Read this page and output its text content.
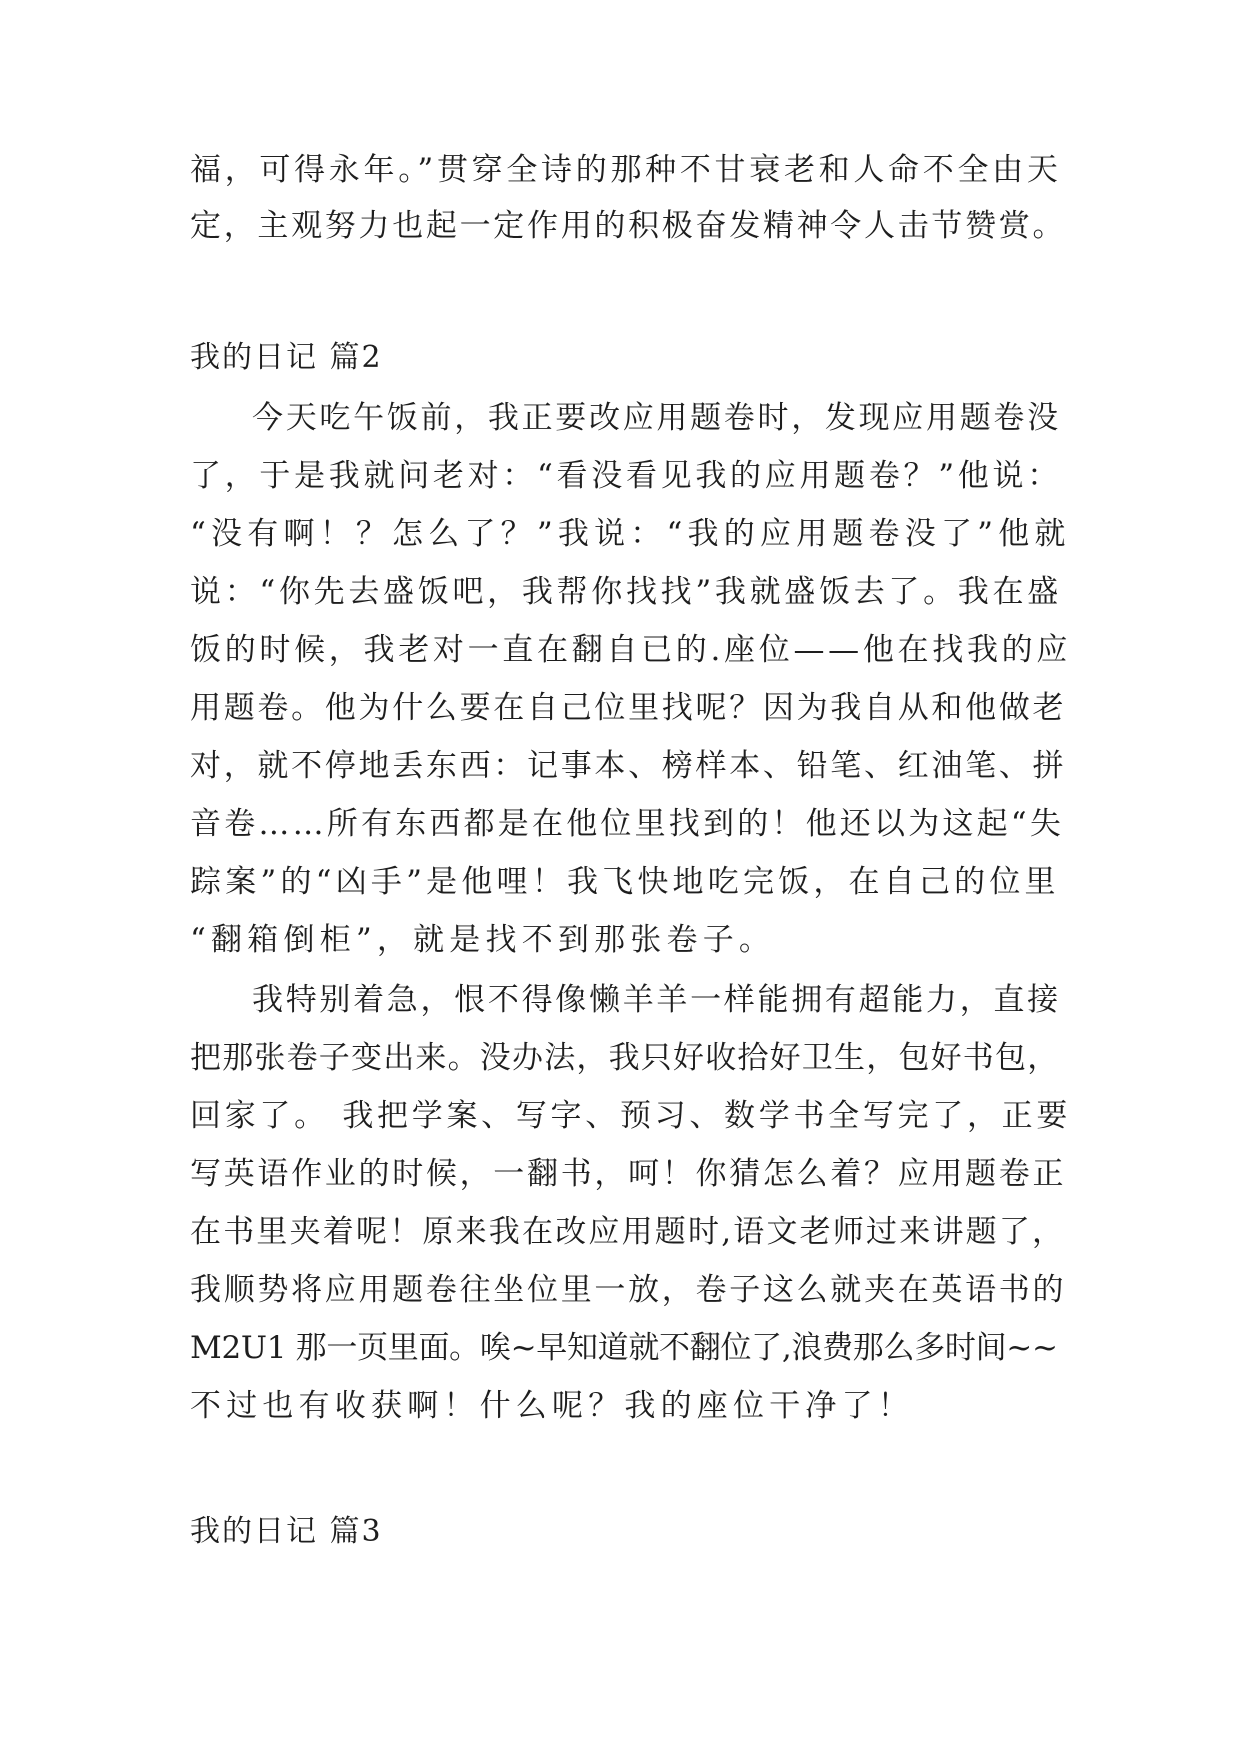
福，可得永年。”贯穿全诗的那种不甘衰老和人命不全由天
定，主观努力也起一定作用的积极奋发精神令人击节赞赏。
我的日记 篇2
今天吃午饭前，我正要改应用题卷时，发现应用题卷没
了，于是我就问老对：“看没看见我的应用题卷？”他说：
“没有啊！？怎么了？”我说：“我的应用题卷没了”他就
说：“你先去盛饭吧，我帮你找找”我就盛饭去了。我在盛
饭的时候，我老对一直在翻自已的.座位——他在找我的应
用题卷。他为什么要在自己位里找呢？因为我自从和他做老
对，就不停地丢东西：记事本、榜样本、铅笔、红油笔、拼
音卷……所有东西都是在他位里找到的！他还以为这起“失
踪案”的“凶手”是他哩！我飞快地吃完饭，在自己的位里
“翻箱倒柜”，就是找不到那张卷子。
我特别着急，恨不得像懒羊羊一样能拥有超能力，直接
把那张卷子变出来。没办法，我只好收拾好卫生，包好书包，
回家了。 我把学案、写字、预习、数学书全写完了，正要
写英语作业的时候，一翻书，呵！你猜怎么着？应用题卷正
在书里夹着呢！原来我在改应用题时,语文老师过来讲题了，
我顺势将应用题卷往坐位里一放，卷子这么就夹在英语书的
M2U1 那一页里面。唉~早知道就不翻位了,浪费那么多时间~~
不过也有收获啊！什么呢？我的座位干净了！
我的日记 篇3
